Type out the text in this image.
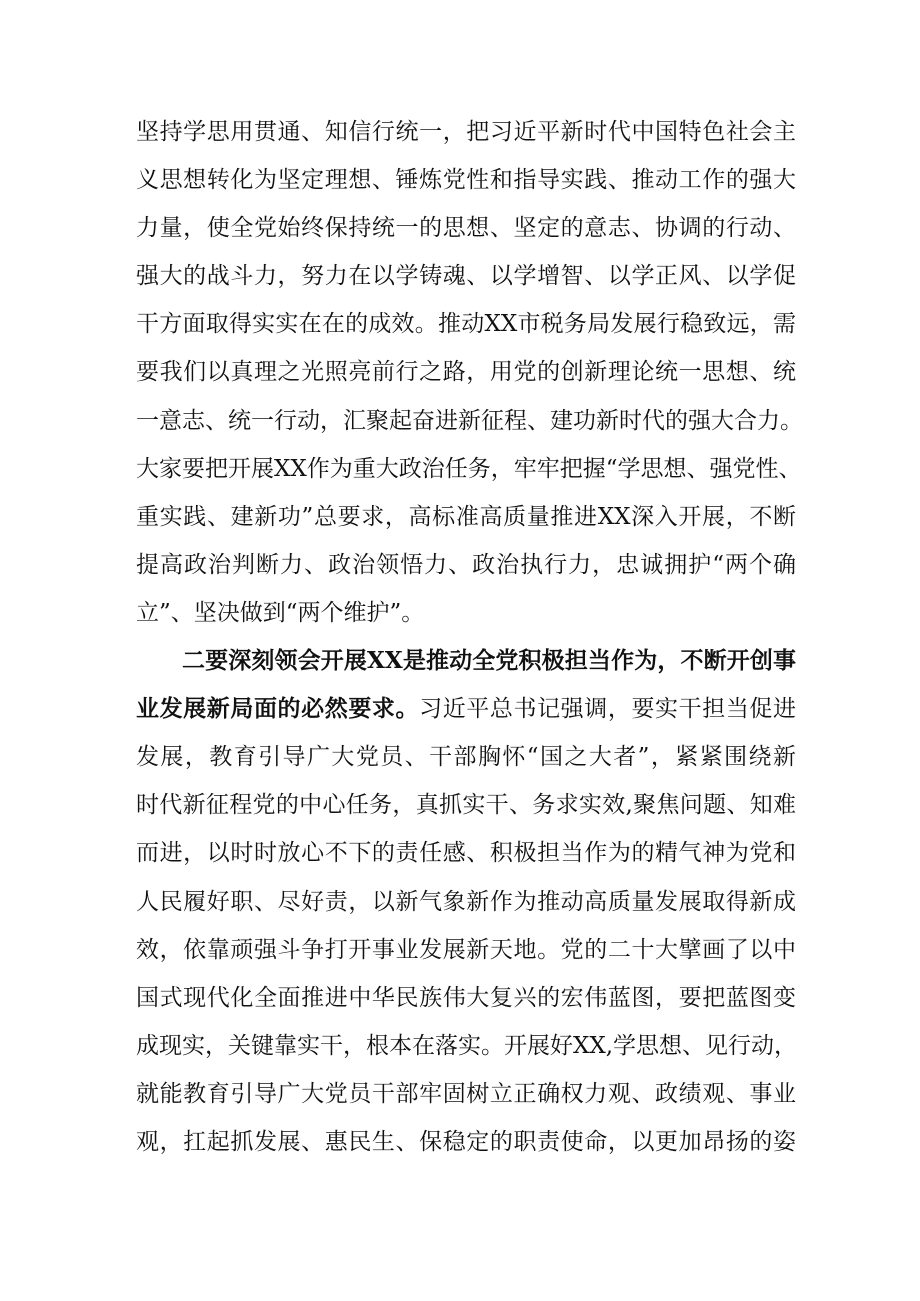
坚持学思用贯通、知信行统一，把习近平新时代中国特色社会主
义思想转化为坚定理想、锤炼党性和指导实践、推动工作的强大
力量，使全党始终保持统一的思想、坚定的意志、协调的行动、
强大的战斗力，努力在以学铸魂、以学增智、以学正风、以学促
干方面取得实实在在的成效。推动XX市税务局发展行稳致远，需
要我们以真理之光照亮前行之路，用党的创新理论统一思想、统
一意志、统一行动，汇聚起奋进新征程、建功新时代的强大合力。
大家要把开展XX作为重大政治任务，牢牢把握“学思想、强党性、
重实践、建新功”总要求，高标准高质量推进XX深入开展，不断
提高政治判断力、政治领悟力、政治执行力，忠诚拥护“两个确
立”、坚决做到“两个维护”。
二要深刻领会开展XX是推动全党积极担当作为，不断开创事
业发展新局面的必然要求。习近平总书记强调，要实干担当促进
发展，教育引导广大党员、干部胸怀“国之大者”，紧紧围绕新
时代新征程党的中心任务，真抓实干、务求实效,聚焦问题、知难
而进，以时时放心不下的责任感、积极担当作为的精气神为党和
人民履好职、尽好责，以新气象新作为推动高质量发展取得新成
效，依靠顽强斗争打开事业发展新天地。党的二十大擘画了以中
国式现代化全面推进中华民族伟大复兴的宏伟蓝图，要把蓝图变
成现实，关键靠实干，根本在落实。开展好XX,学思想、见行动，
就能教育引导广大党员干部牢固树立正确权力观、政绩观、事业
观，扛起抓发展、惠民生、保稳定的职责使命，以更加昂扬的姿
